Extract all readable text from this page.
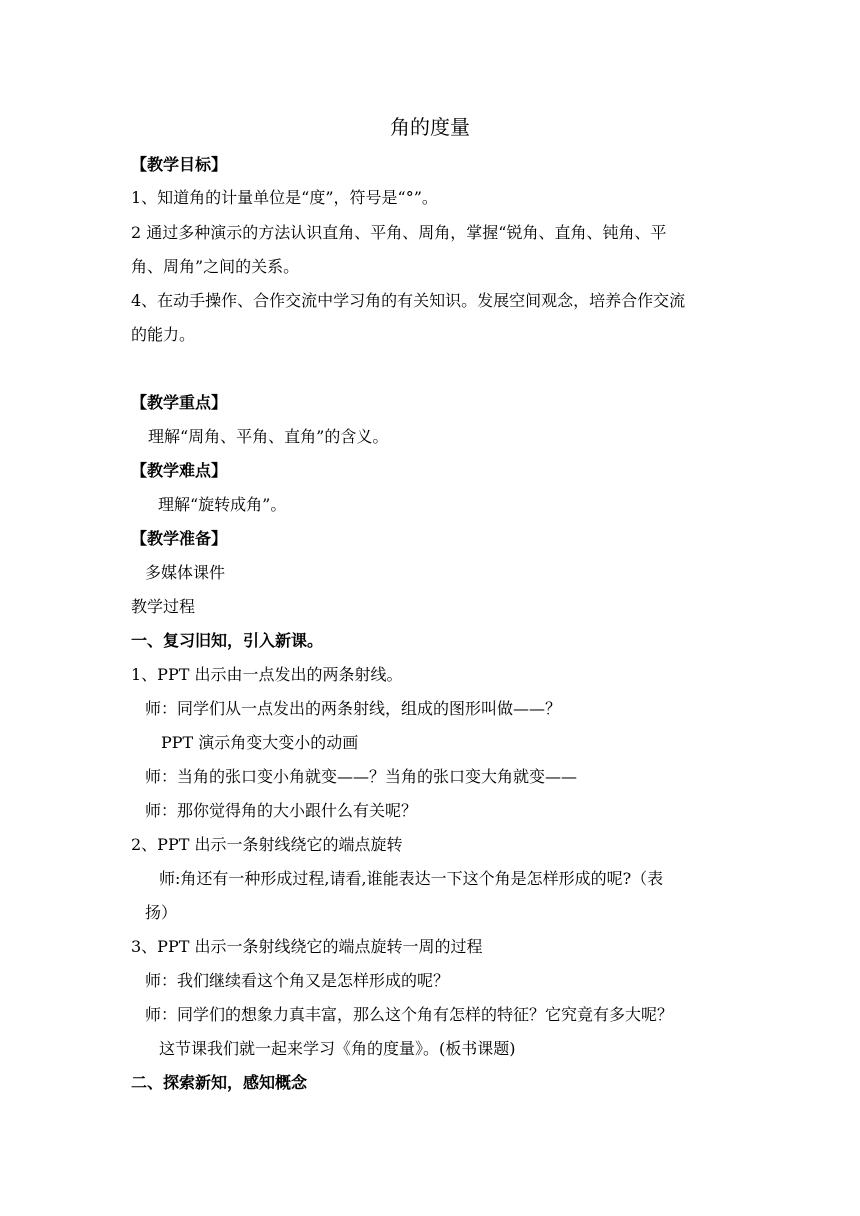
角的度量
【教学目标】
1、知道角的计量单位是“度”，符号是“°”。
2 通过多种演示的方法认识直角、平角、周角，掌握“锐角、直角、钝角、平
角、周角”之间的关系。
4、在动手操作、合作交流中学习角的有关知识。发展空间观念，培养合作交流
的能力。
【教学重点】
理解“周角、平角、直角”的含义。
【教学难点】
理解“旋转成角”。
【教学准备】
多媒体课件
教学过程
一、复习旧知，引入新课。
1、PPT 出示由一点发出的两条射线。
师：同学们从一点发出的两条射线，组成的图形叫做——？
PPT 演示角变大变小的动画
师：当角的张口变小角就变——？当角的张口变大角就变——
师：那你觉得角的大小跟什么有关呢？
2、PPT 出示一条射线绕它的端点旋转
师:角还有一种形成过程,请看,谁能表达一下这个角是怎样形成的呢?（表
扬）
3、PPT 出示一条射线绕它的端点旋转一周的过程
师：我们继续看这个角又是怎样形成的呢？
师：同学们的想象力真丰富，那么这个角有怎样的特征？它究竟有多大呢？
这节课我们就一起来学习《角的度量》。(板书课题)
二、探索新知，感知概念
